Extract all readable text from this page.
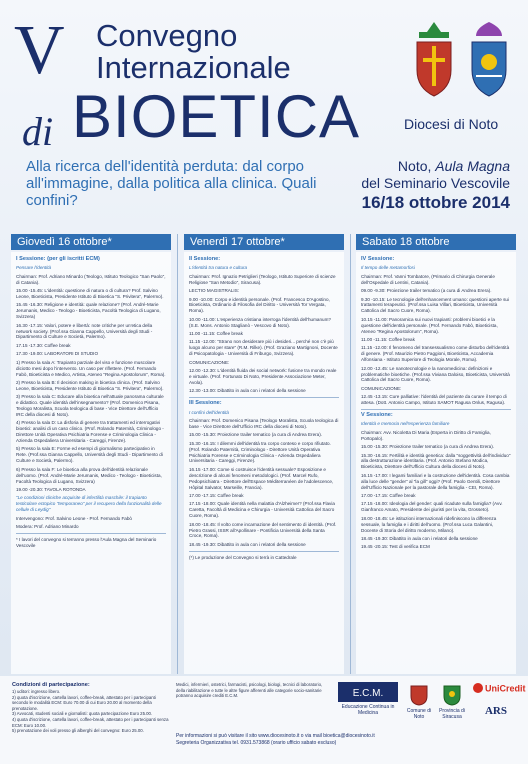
V Convegno
Internazionale
di BIOETICA	Diocesi di Noto
Alla ricerca dell'identità perduta: dal corpo all'immagine, dalla politica alla clinica. Quali confini?
Noto, Aula Magna
del Seminario Vescovile
16/18 ottobre 2014
Giovedì 16 ottobre*

I Sessione: (per gli iscritti ECM)

Pensare l'identità

Chairman: Prof. Adriano Minardo (Teologo, Istituto Teologico "San Paolo", di Catania).

15.00 -15.45: L'identità: questione di natura o di cultura? Prof. Salvino Leone, Bioeticista, Presidente Istituto di Bioetica "S. Privitera", Palermo).

15.45 -16.30: Religione e identità: quale relazione? (Prof. André-Marie Jerumanis, Medico - Teologo - Bioeticista, Facoltà Teologica di Lugano, Svizzera)

16.30 -17.15: Valori, potere e libertà: note critiche per un'etica della network society. (Prof.ssa Gianna Cappello, Università degli Studi - Dipartimento di Culture e Società, Palermo).

17.15 -17.30: Coffee break

17.30 -19.00: LABORATORI DI STUDIO

1) Presso la sala A: Trapianto parziale del viso e funzione muscolare diciotto mesi dopo l'intervento. Un caso per riflettere. (Prof. Fernando Fabò, Bioeticista e Medico, Artista, Ateneo "Regina Apostolorum", Roma).

2) Presso la sala B: Il decision making in bioetica clinica. (Prof. Salvino Leone, Bioeticista, Presidente Istituto di Bioetica "S. Privitera", Palermo).

3) Presso la sala C: Educare alla bioetica nell'attuale panorama culturale e didattico. Quale identità dell'insegnamento? (Prof. Domenico Pisana, Teologo Moralista, Scuola teologica di base - Vice Direttore dell'Ufficio IRC della diocesi di Noto).

4) Presso la sala D: La disforia di genere tra trattamenti ed interrogativi bioetici: analisi di un caso clinico. (Prof. Rolando Paternità, Criminologo - Direttore Unità Operativa Psichiatria Forense e Criminologia Clinica - Azienda Ospedaliera Universitaria - Careggi, Firenze).

5) Presso la sala E: Forme ed esempi di giornalismo partecipativo in Rete. (Prof.ssa Gianna Cappello, Università degli Studi - Dipartimento di Culture e Società, Palermo).

6) Presso la sala F: Le bioetica alla prova dell'identità relazionale dell'uomo. (Prof. André-Marie Jerumanis, Medico - Teologo - Bioeticista, Facoltà Teologica di Lugano, Svizzera)

19.00 -20.30: TAVOLA ROTONDA

"Le condizioni cliniche acquisite di infertilità maschile: il trapianto testicolare ectopico "temporaneo" per il recupero della funzionalità delle cellule di Leydig"

Intervengono: Prof. Salvino Leone - Prof. Fernando Fabò

Modera: Prof. Adriano Minardo

* I lavori del convegno si terranno presso l'Aula Magna del Seminario Vescovile

Venerdì 17 ottobre*

II Sessione:

L'identità tra natura e cultura

Chairman: Prof. Ignazio Petriglieri (Teologo, Istituto Superiore di scienze Religiose "San Metodio", Siracusa).

LECTIO MAGISTRALIS:

9.00 -10.00: Corpo e identità personale. (Prof. Francesco D'Agostino, Bioeticista, Ordinario di Filosofia del Diritto - Università Tor Vergata, Roma).

10.00 -11.00: L'esperienza cristiana interroga l'identità dell'humanum? (S.E. Mons. Antonio Staglianò - Vescovo di Noto).

11.00 -11.15: Coffee break

11.15 -12.00: "Strano non desiderare più i desideri... perché non c'è più luogo alcuno per stare" (R.M. Rilke). (Prof. Graziano Martignoni, Docente di Psicopatologia - Università di Friburgo, Svizzera).

COMUNICAZIONE:

12.00 -12.30: L'identità fluida dei social network: fusione tra mondo reale e virtuale. (Prof. Fortunato Di Noto, Presidente Associazione Meter, Avola).

12.30 -13.00: Dibattito in aula con i relatori della sessione

III Sessione:

I confini dell'identità

Chairman: Prof. Domenico Pisana (Teologo Moralista, Scuola teologica di base - Vice Direttore dell'Ufficio IRC della diocesi di Noto).

15.00 -15.30: Proiezione trailer tematico (a cura di Andrea Erera).

15.30 -16.15: I dilemmi dell'identità tra corpo conteso e corpo rifiutato. (Prof. Rolando Paternità, Criminologo - Direttore Unità Operativa Psichiatria Forense e Criminologia Clinica - Azienda Ospedaliera Universitaria - Careggi, Firenze).

16.15 -17.00: Come si costruisce l'identità sessuale? Esposizione e descrizione di alcuni fenomeni metodologici. (Prof. Marcel Rufo, Pedopsichiatra - Direttore dell'Espace Méditerranéen de l'adolescence, Hôpital Salvator, Marseille, Francia).

17.00 -17.15: Coffee break

17.15 -18.00: Quale identità nella malattia d'Alzheimer? (Prof.ssa Flavia Caretta, Facoltà di Medicina e Chirurgia - Università Cattolica del Sacro Cuore, Roma).

18.00 -18.45: Il volto come incarnazione del sentimento di identità. (Prof. Pietro Grassi, ISSR all'Apollinare - Pontificia Università della Santa Croce, Roma).

18.45 -19.30: Dibattito in aula con i relatori della sessione

(*) Le produzione del Convegno si terrà in Cattedrale

Sabato 18 ottobre

IV Sessione:

Il tempo delle metamorfosi

Chairman: Prof. Vanni Tombatore, (Primario di Chirurgia Generale dell'Ospedale di Lentini, Catania).

09.00 -9.30: Proiezione trailer tematico (a cura di Andrea Erera).

9.30 -10.15: Le tecnologie dell'enhancement umano: questioni aperte sui trattamenti terapeutici. (Prof.ssa Luisa Villari, Bioeticista, Università Cattolica del Sacro Cuore, Roma).

10.15 -11.00: Panoramica sui nuovi trapianti: problemi bioetici e la questione dell'identità personale. (Prof. Fernando Fabò, Bioeticista, Ateneo "Regina Apostolorum", Roma).

11.00 -11.15: Coffee break

11.15 -12.00: Il fenomeno del transessualismo come disturbo dell'identità di genere. (Prof. Maurizio Pietro Faggioni, Bioeticista, Accademia Alfonsiana - Istituto Superiore di Teologia Morale, Roma).

12.00 -12.45: Le nanotecnologie e la nanomedicina: definizioni e problematiche bioetiche. (Prof.ssa Viviana Daloiso, Bioeticista, Università Cattolica del Sacro Cuore, Roma).

COMUNICAZIONE:

12.45 -13.15: Cure palliative: l'identità del paziente da curare il tempo di attesa. (Dott. Antonio Campo, Istituto SAMOT Ragusa Onlus, Ragusa).

V Sessione:

Identità e memoria nell'esperienza familiare

Chairman: Avv. Nicoletta Di Maria (Esperta in Diritto di Famiglia, Portopalo).

15.00 -15.30: Proiezione trailer tematico (a cura di Andrea Erera).

15.30 -16.15: Fertilità e identità genetica: dalla "soggettività dell'individuo" alla destrutturazione identitaria. (Prof. Antonio Stefano Modica, Bioeticista, Direttore dell'Ufficio Cultura della diocesi di Noto).

16.15 -17.00: I legami familiari e la costruzione dell'identità. Cosa cambia alla luce delle "gender" al "la gill" oggi? (Prof. Paolo Gentili, Direttore dell'Ufficio Nazionale per la pastorale della famiglia - CEI, Roma).

17.00 -17.15: Coffee break

17.15 -18.00: Ideologia del gender: quali ricadute sulla famiglia? (Avv. Gianfranco Amato, Presidente dei giuristi per la vita, Grosseto).

18.00 -18.45: Le istituzioni internazionali ridefiniscono la differenza sessuale, la famiglia e i diritti dell'uomo. (Prof.ssa Luca Galantini, Docente di Storia del diritto moderno, Milano).

18.45 -19.30: Dibattito in aula con i relatori della sessione

19.45 -20.15: Test di verifica ECM

Condizioni di partecipazione:

1) uditori: ingresso libero.

2) quota d'iscrizione, cartella lavori, coffee-break, attestato per i partecipanti secondo le modalità ECM: Euro 70.00 di cui Euro 20.00 al momento della prenotazione.

3) Avvocati, studenti sociali e giornalisti: quota partecipazione Euro 25.00.

4) quota d'iscrizione, cartella lavori, coffee-break, attestato per i partecipanti senza ECM: Euro 10.00.

5) prenotazione dei voli presso gli alberghi del convegno: Euro 25.00.

Medici, infermieri, ostetrici, farmacisti, psicologi, biologi, tecnici di laboratorio, della riabilitazione e tutte le altre figure afferenti alle categorie socio-sanitarie potranno acquisire crediti E.C.M.

Per informazioni si può visitare il sito www.diocesinoto.it o via mail bioetica@diocesinoto.it

Segreteria Organizzativa tel. 0931.573868 (orario ufficio sabato escluso)

E.C.M.
Educazione Continua in Medicina	Comune di Noto
Provincia di Siracusa
UniCredit
ARS
